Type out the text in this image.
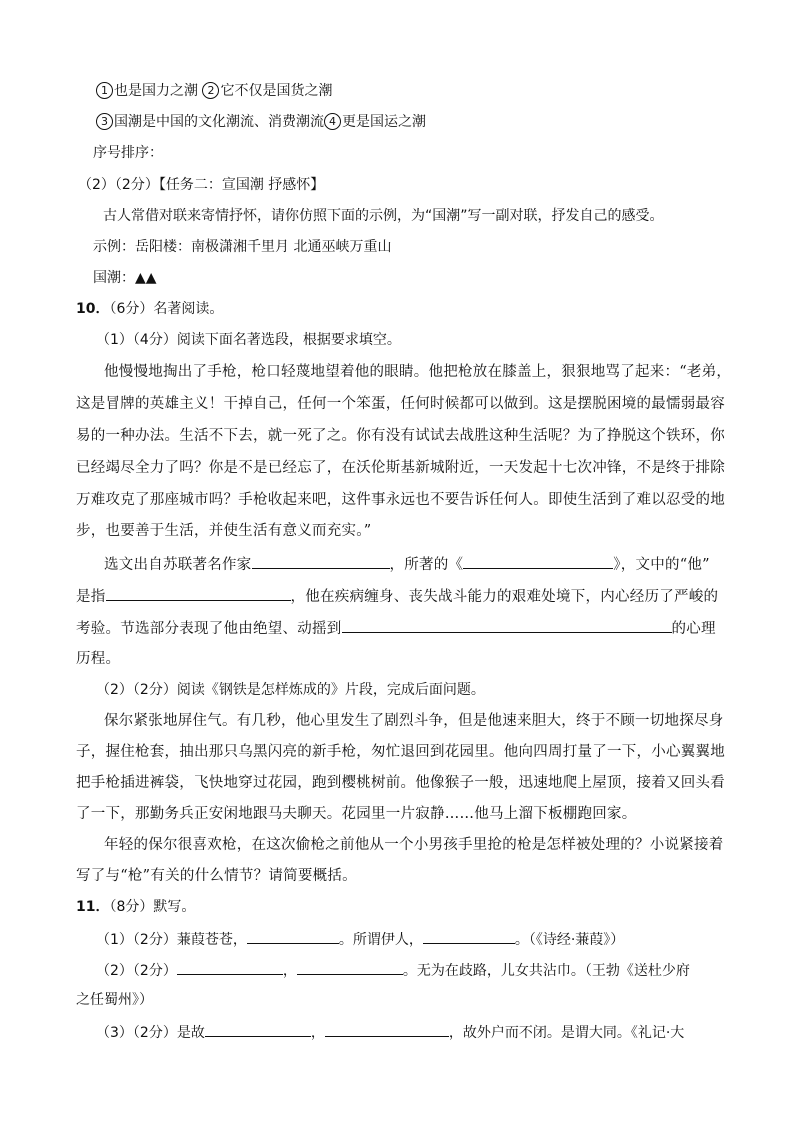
1 也是国力之潮 2 它不仅是国货之潮
3 国潮是中国的文化潮流、消费潮流 4 更是国运之潮
序号排序：
（2）（2分）【任务二：宣国潮 抒感怀】
古人常借对联来寄情抒怀，请你仿照下面的示例，为“国潮”写一副对联，抒发自己的感受。
示例：岳阳楼：南极潇湘千里月 北通巫峡万重山
国潮：▲▲
10．（6分）名著阅读。
（1）（4分）阅读下面名著选段，根据要求填空。
他慢慢地掏出了手枪，枪口轻蔑地望着他的眼睛。他把枪放在膝盖上，狠狠地骂了起来：“老弟，
这是冒牌的英雄主义！干掉自己，任何一个笨蛋，任何时候都可以做到。这是摆脱困境的最懦弱最容
易的一种办法。生活不下去，就一死了之。你有没有试试去战胜这种生活呢？为了挣脱这个铁环，你
已经竭尽全力了吗？你是不是已经忘了，在沃伦斯基新城附近，一天发起十七次冲锋，不是终于排除
万难攻克了那座城市吗？手枪收起来吧，这件事永远也不要告诉任何人。即使生活到了难以忍受的地
步，也要善于生活，并使生活有意义而充实。”
选文出自苏联著名作家	，所著的《	》，文中的“他”
是指	，他在疾病缠身、丧失战斗能力的艰难处境下，内心经历了严峻的
考验。节选部分表现了他由绝望、动摇到	的心理
历程。
（2）（2分）阅读《钢铁是怎样炼成的》片段，完成后面问题。
保尔紧张地屏住气。有几秒，他心里发生了剧烈斗争，但是他速来胆大，终于不顾一切地探尽身
子，握住枪套，抽出那只乌黑闪亮的新手枪，匆忙退回到花园里。他向四周打量了一下，小心翼翼地
把手枪插进裤袋，飞快地穿过花园，跑到樱桃树前。他像猴子一般，迅速地爬上屋顶，接着又回头看
了一下，那勤务兵正安闲地跟马夫聊天。花园里一片寂静……他马上溜下板棚跑回家。
年轻的保尔很喜欢枪，在这次偷枪之前他从一个小男孩手里抢的枪是怎样被处理的？小说紧接着
写了与“枪”有关的什么情节？请简要概括。
11．（8分）默写。
（1）（2分）蒹葭苍苍，	。所谓伊人，	。（《诗经·蒹葭》）
（2）（2分）	，	。无为在歧路，儿女共沾巾。（王勃《送杜少府
之任蜀州》）
（3）（2分）是故	，	，故外户而不闭。是谓大同。《礼记·大
